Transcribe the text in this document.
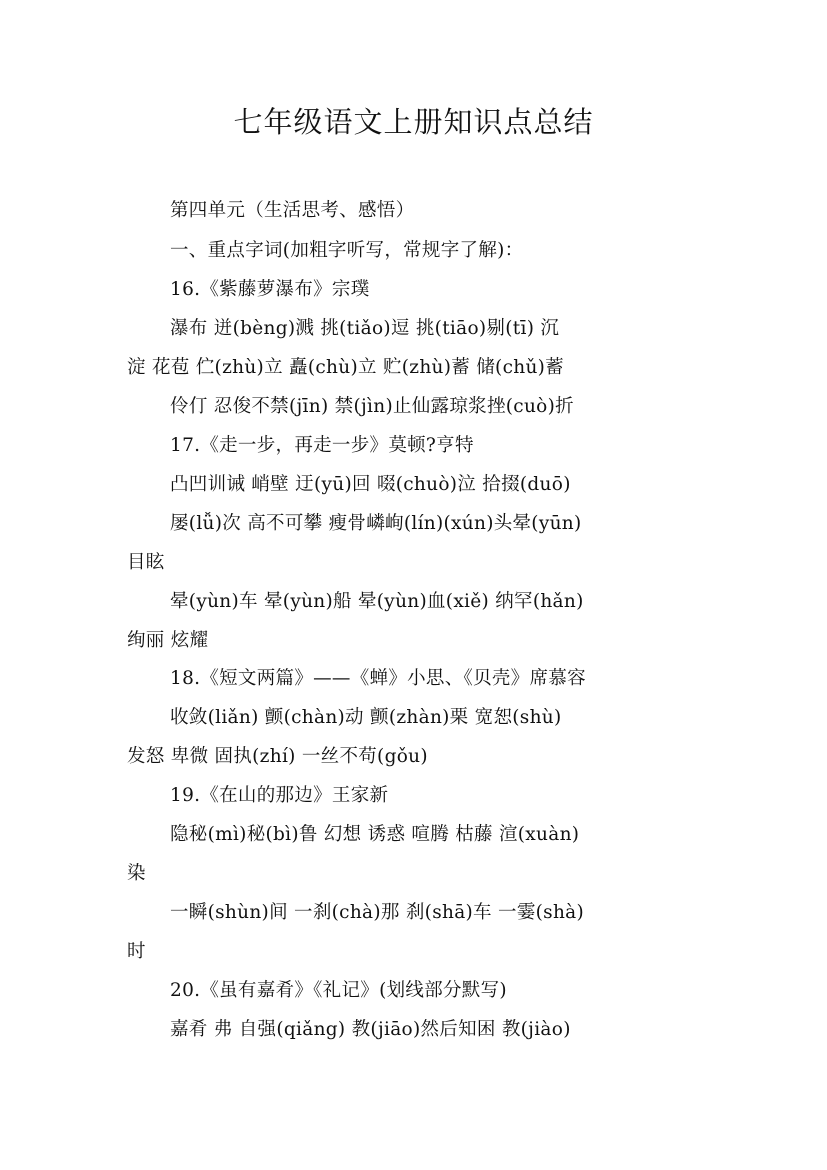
七年级语文上册知识点总结
第四单元（生活思考、感悟）
一、重点字词(加粗字听写，常规字了解)：
16.《紫藤萝瀑布》宗璞
瀑布 迸(bèng)溅 挑(tiǎo)逗 挑(tiāo)剔(tī) 沉
淀 花苞 伫(zhù)立 矗(chù)立 贮(zhù)蓄 储(chǔ)蓄
伶仃 忍俊不禁(jīn) 禁(jìn)止仙露琼浆挫(cuò)折
17.《走一步，再走一步》莫顿?亨特
凸凹训诫 峭壁 迂(yū)回 啜(chuò)泣 拾掇(duō)
屡(lǚ)次 高不可攀 瘦骨嶙峋(lín)(xún)头晕(yūn)
目眩
晕(yùn)车 晕(yùn)船 晕(yùn)血(xiě) 纳罕(hǎn)
绚丽 炫耀
18.《短文两篇》——《蝉》小思、《贝壳》席慕容
收敛(liǎn) 颤(chàn)动 颤(zhàn)栗 宽恕(shù)
发怒 卑微 固执(zhí) 一丝不苟(gǒu)
19.《在山的那边》王家新
隐秘(mì)秘(bì)鲁 幻想 诱惑 喧腾 枯藤 渲(xuàn)
染
一瞬(shùn)间 一刹(chà)那 刹(shā)车 一霎(shà)
时
20.《虽有嘉肴》《礼记》(划线部分默写)
嘉肴 弗 自强(qiǎng) 教(jiāo)然后知困 教(jiào)
